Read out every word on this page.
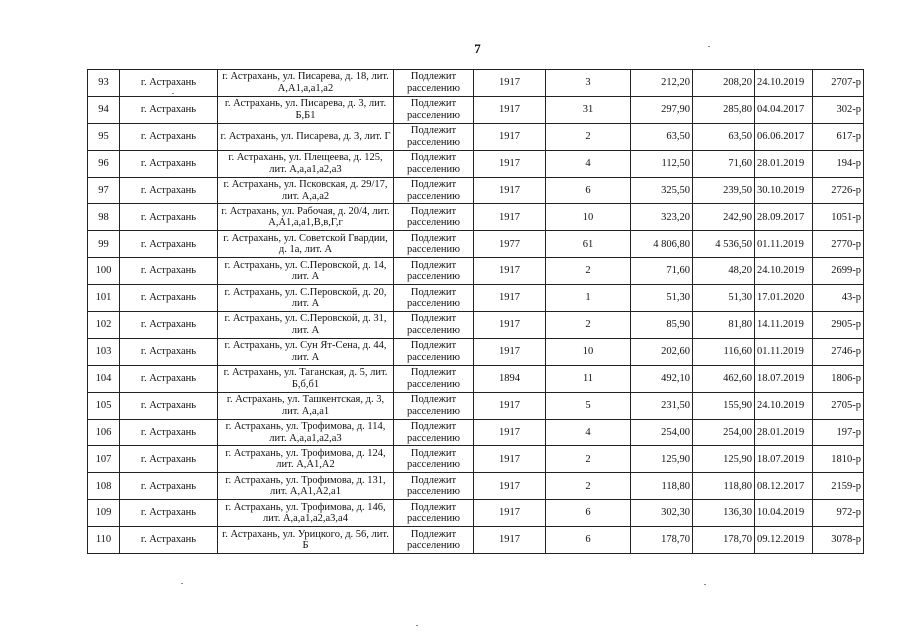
7
93	г. Астрахань	г. Астрахань, ул. Писарева, д. 18, лит. А,А1,а,а1,а2	Подлежит расселению	1917	3	212,20	208,20	24.10.2019	2707-р
94	г. Астрахань	г. Астрахань, ул. Писарева, д. 3, лит. Б,Б1	Подлежит расселению	1917	31	297,90	285,80	04.04.2017	302-р
95	г. Астрахань	г. Астрахань, ул. Писарева, д. 3, лит. Г	Подлежит расселению	1917	2	63,50	63,50	06.06.2017	617-р
96	г. Астрахань	г. Астрахань, ул. Плещеева, д. 125, лит. А,а,а1,а2,а3	Подлежит расселению	1917	4	112,50	71,60	28.01.2019	194-р
97	г. Астрахань	г. Астрахань, ул. Псковская, д. 29/17, лит. А,а,а2	Подлежит расселению	1917	6	325,50	239,50	30.10.2019	2726-р
98	г. Астрахань	г. Астрахань, ул. Рабочая, д. 20/4, лит. А,А1,а,а1,В,в,Г,г	Подлежит расселению	1917	10	323,20	242,90	28.09.2017	1051-р
99	г. Астрахань	г. Астрахань, ул. Советской Гвардии, д. 1а, лит. А	Подлежит расселению	1977	61	4 806,80	4 536,50	01.11.2019	2770-р
100	г. Астрахань	г. Астрахань, ул. С.Перовской, д. 14, лит. А	Подлежит расселению	1917	2	71,60	48,20	24.10.2019	2699-р
101	г. Астрахань	г. Астрахань, ул. С.Перовской, д. 20, лит. А	Подлежит расселению	1917	1	51,30	51,30	17.01.2020	43-р
102	г. Астрахань	г. Астрахань, ул. С.Перовской, д. 31, лит. А	Подлежит расселению	1917	2	85,90	81,80	14.11.2019	2905-р
103	г. Астрахань	г. Астрахань, ул. Сун Ят-Сена, д. 44, лит. А	Подлежит расселению	1917	10	202,60	116,60	01.11.2019	2746-р
104	г. Астрахань	г. Астрахань, ул. Таганская, д. 5, лит. Б,б,б1	Подлежит расселению	1894	11	492,10	462,60	18.07.2019	1806-р
105	г. Астрахань	г. Астрахань, ул. Ташкентская, д. 3, лит. А,а,а1	Подлежит расселению	1917	5	231,50	155,90	24.10.2019	2705-р
106	г. Астрахань	г. Астрахань, ул. Трофимова, д. 114, лит. А,а,а1,а2,а3	Подлежит расселению	1917	4	254,00	254,00	28.01.2019	197-р
107	г. Астрахань	г. Астрахань, ул. Трофимова, д. 124, лит. А,А1,А2	Подлежит расселению	1917	2	125,90	125,90	18.07.2019	1810-р
108	г. Астрахань	г. Астрахань, ул. Трофимова, д. 131, лит. А,А1,А2,а1	Подлежит расселению	1917	2	118,80	118,80	08.12.2017	2159-р
109	г. Астрахань	г. Астрахань, ул. Трофимова, д. 146, лит. А,а,а1,а2,а3,а4	Подлежит расселению	1917	6	302,30	136,30	10.04.2019	972-р
110	г. Астрахань	г. Астрахань, ул. Урицкого, д. 56, лит. Б	Подлежит расселению	1917	6	178,70	178,70	09.12.2019	3078-р
